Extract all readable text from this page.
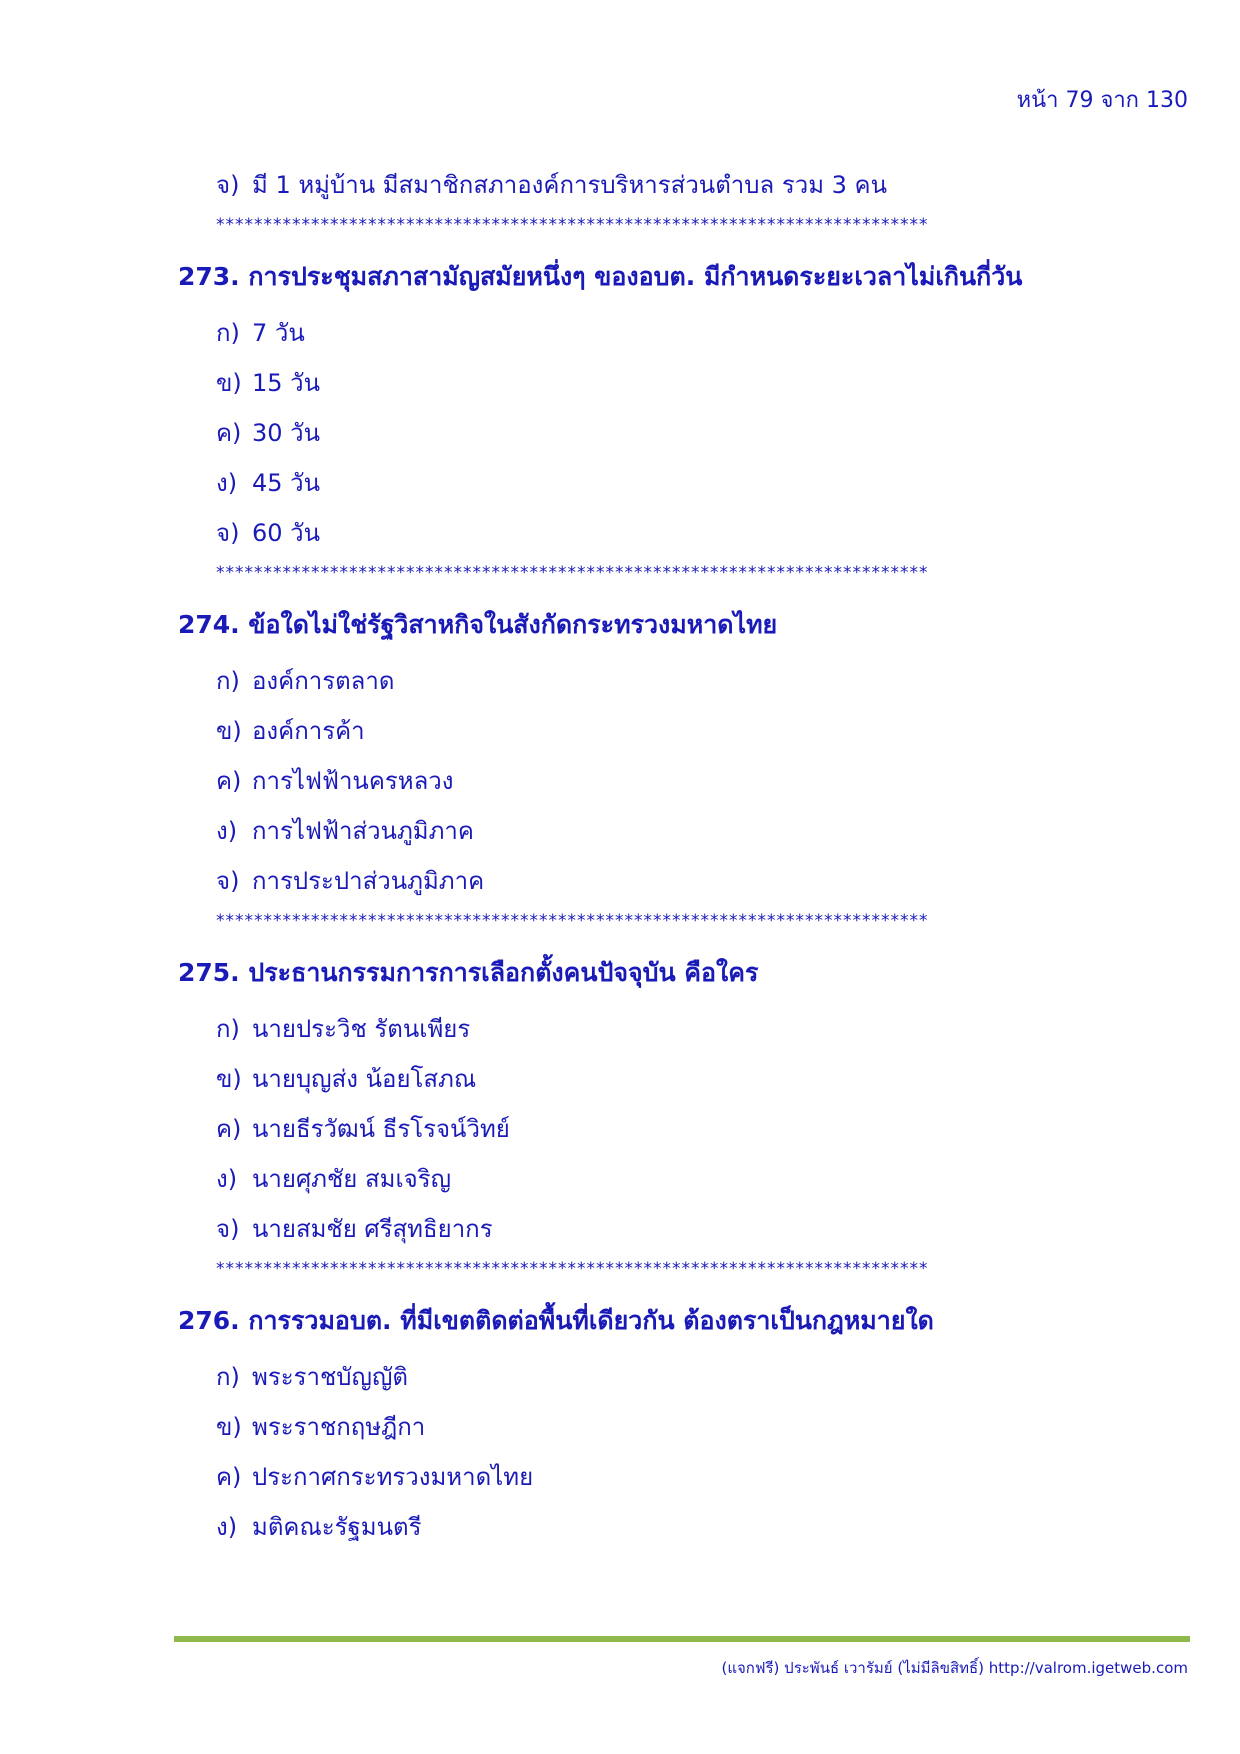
หน้า 79 จาก 130
จ) มี 1 หมู่บ้าน มีสมาชิกสภาองค์การบริหารส่วนตำบล รวม 3 คน
***************************************************************************
273. การประชุมสภาสามัญสมัยหนึ่งๆ ของอบต. มีกำหนดระยะเวลาไม่เกินกี่วัน
ก) 7 วัน
ข) 15 วัน
ค) 30 วัน
ง) 45 วัน
จ) 60 วัน
***************************************************************************
274. ข้อใดไม่ใช่รัฐวิสาหกิจในสังกัดกระทรวงมหาดไทย
ก) องค์การตลาด
ข) องค์การค้า
ค) การไฟฟ้านครหลวง
ง) การไฟฟ้าส่วนภูมิภาค
จ) การประปาส่วนภูมิภาค
***************************************************************************
275. ประธานกรรมการการเลือกตั้งคนปัจจุบัน คือใคร
ก) นายประวิช รัตนเพียร
ข) นายบุญส่ง น้อยโสภณ
ค) นายธีรวัฒน์ ธีรโรจน์วิทย์
ง) นายศุภชัย สมเจริญ
จ) นายสมชัย ศรีสุทธิยากร
***************************************************************************
276. การรวมอบต. ที่มีเขตติดต่อพื้นที่เดียวกัน ต้องตราเป็นกฎหมายใด
ก) พระราชบัญญัติ
ข) พระราชกฤษฎีกา
ค) ประกาศกระทรวงมหาดไทย
ง) มติคณะรัฐมนตรี
(แจกฟรี) ประพันธ์ เวารัมย์ (ไม่มีลิขสิทธิ์) http://valrom.igetweb.com
